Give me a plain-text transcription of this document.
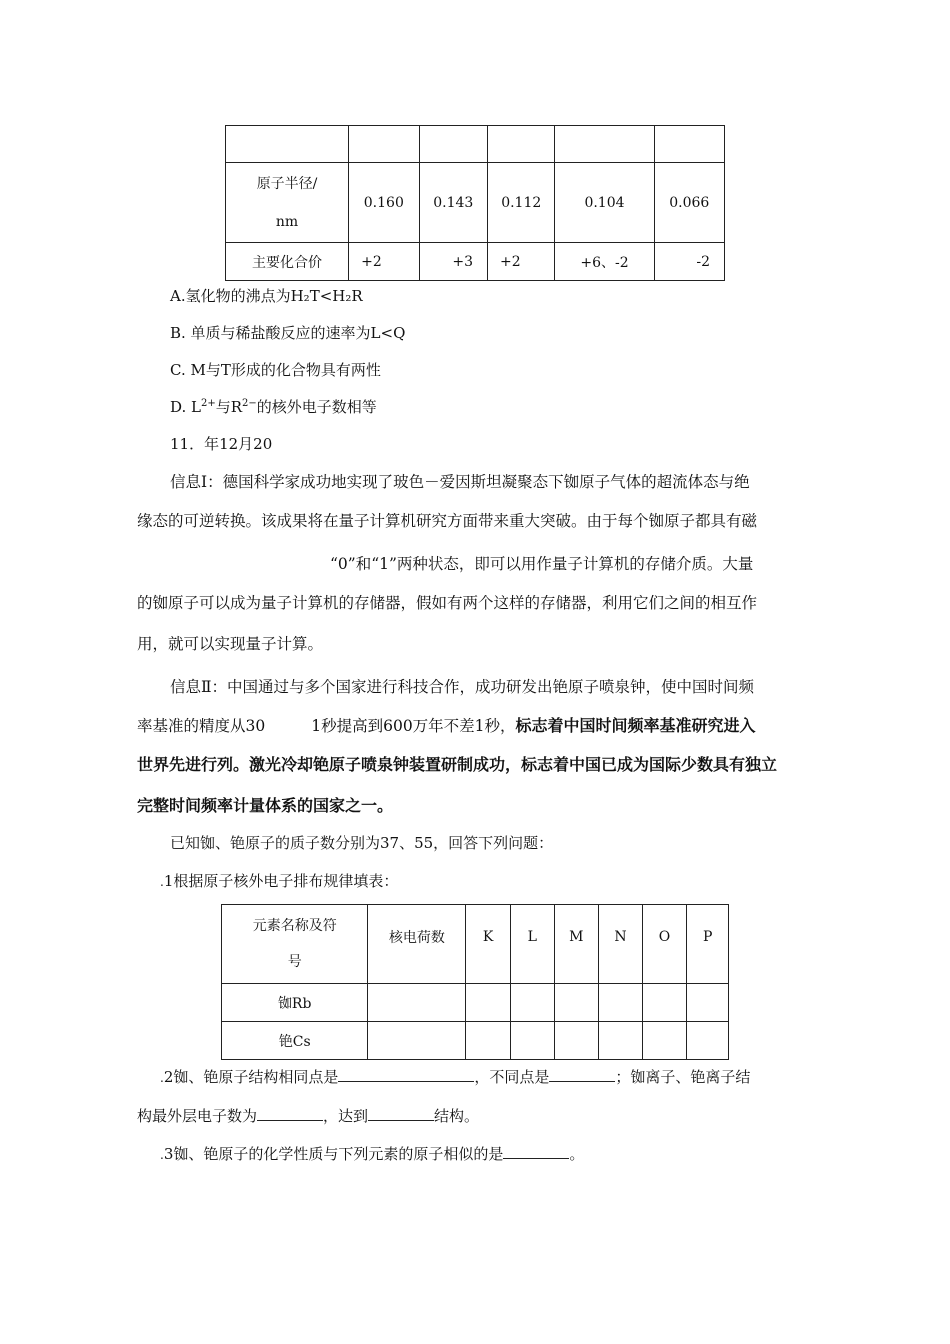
原子半径/
nm	0.160	0.143	0.112	0.104	0.066
主要化合价	+2	+3	+2	+6、-2	-2
A.氢化物的沸点为H₂T<H₂R
B. 单质与稀盐酸反应的速率为L<Q
C. M与T形成的化合物具有两性
D. $L^{2+}$与$R^{2-}$的核外电子数相等
11．年12月20
信息Ⅰ：德国科学家成功地实现了玻色－爱因斯坦凝聚态下铷原子气体的超流体态与绝
缘态的可逆转换。该成果将在量子计算机研究方面带来重大突破。由于每个铷原子都具有磁
“0”和“1”两种状态，即可以用作量子计算机的存储介质。大量
的铷原子可以成为量子计算机的存储器，假如有两个这样的存储器，利用它们之间的相互作
用，就可以实现量子计算。
信息Ⅱ：中国通过与多个国家进行科技合作，成功研发出铯原子喷泉钟，使中国时间频
率基准的精度从30	1秒提高到600万年不差1秒，标志着中国时间频率基准研究进入
世界先进行列。激光冷却铯原子喷泉钟装置研制成功，标志着中国已成为国际少数具有独立
完整时间频率计量体系的国家之一。
已知铷、铯原子的质子数分别为37、55，回答下列问题：
.1根据原子核外电子排布规律填表：
元素名称及符
号	核电荷数	K	L	M	N	O	P
铷Rb							
铯Cs							
.2铷、铯原子结构相同点是	，不同点是	；铷离子、铯离子结
构最外层电子数为	，达到	结构。
.3铷、铯原子的化学性质与下列元素的原子相似的是	。
